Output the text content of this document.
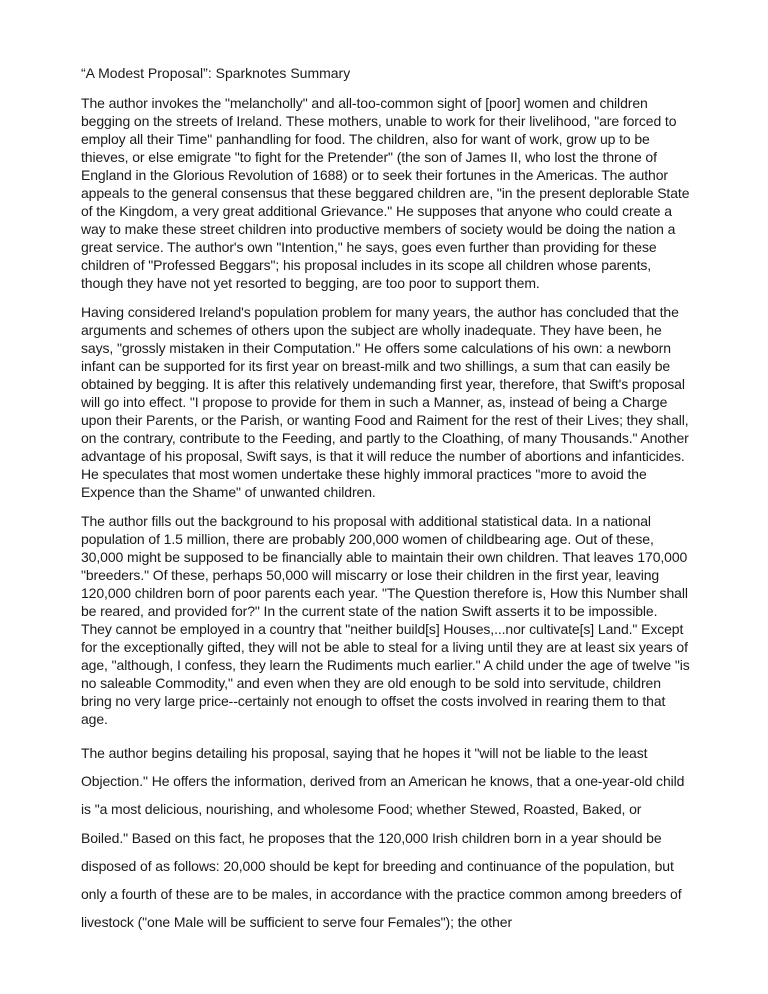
“A Modest Proposal”: Sparknotes Summary

The author invokes the "melancholly" and all-too-common sight of [poor] women and children begging on the streets of Ireland. These mothers, unable to work for their livelihood, "are forced to employ all their Time" panhandling for food. The children, also for want of work, grow up to be thieves, or else emigrate "to fight for the Pretender" (the son of James II, who lost the throne of England in the Glorious Revolution of 1688) or to seek their fortunes in the Americas. The author appeals to the general consensus that these beggared children are, "in the present deplorable State of the Kingdom, a very great additional Grievance." He supposes that anyone who could create a way to make these street children into productive members of society would be doing the nation a great service. The author's own "Intention," he says, goes even further than providing for these children of "Professed Beggars"; his proposal includes in its scope all children whose parents, though they have not yet resorted to begging, are too poor to support them.

Having considered Ireland's population problem for many years, the author has concluded that the arguments and schemes of others upon the subject are wholly inadequate. They have been, he says, "grossly mistaken in their Computation." He offers some calculations of his own: a newborn infant can be supported for its first year on breast-milk and two shillings, a sum that can easily be obtained by begging. It is after this relatively undemanding first year, therefore, that Swift's proposal will go into effect. "I propose to provide for them in such a Manner, as, instead of being a Charge upon their Parents, or the Parish, or wanting Food and Raiment for the rest of their Lives; they shall, on the contrary, contribute to the Feeding, and partly to the Cloathing, of many Thousands." Another advantage of his proposal, Swift says, is that it will reduce the number of abortions and infanticides. He speculates that most women undertake these highly immoral practices "more to avoid the Expence than the Shame" of unwanted children.

The author fills out the background to his proposal with additional statistical data. In a national population of 1.5 million, there are probably 200,000 women of childbearing age. Out of these, 30,000 might be supposed to be financially able to maintain their own children. That leaves 170,000 "breeders." Of these, perhaps 50,000 will miscarry or lose their children in the first year, leaving 120,000 children born of poor parents each year. "The Question therefore is, How this Number shall be reared, and provided for?" In the current state of the nation Swift asserts it to be impossible. They cannot be employed in a country that "neither build[s] Houses,...nor cultivate[s] Land." Except for the exceptionally gifted, they will not be able to steal for a living until they are at least six years of age, "although, I confess, they learn the Rudiments much earlier." A child under the age of twelve "is no saleable Commodity," and even when they are old enough to be sold into servitude, children bring no very large price--certainly not enough to offset the costs involved in rearing them to that age.

The author begins detailing his proposal, saying that he hopes it "will not be liable to the least Objection." He offers the information, derived from an American he knows, that a one-year-old child is "a most delicious, nourishing, and wholesome Food; whether Stewed, Roasted, Baked, or Boiled." Based on this fact, he proposes that the 120,000 Irish children born in a year should be disposed of as follows: 20,000 should be kept for breeding and continuance of the population, but only a fourth of these are to be males, in accordance with the practice common among breeders of livestock ("one Male will be sufficient to serve four Females"); the other
